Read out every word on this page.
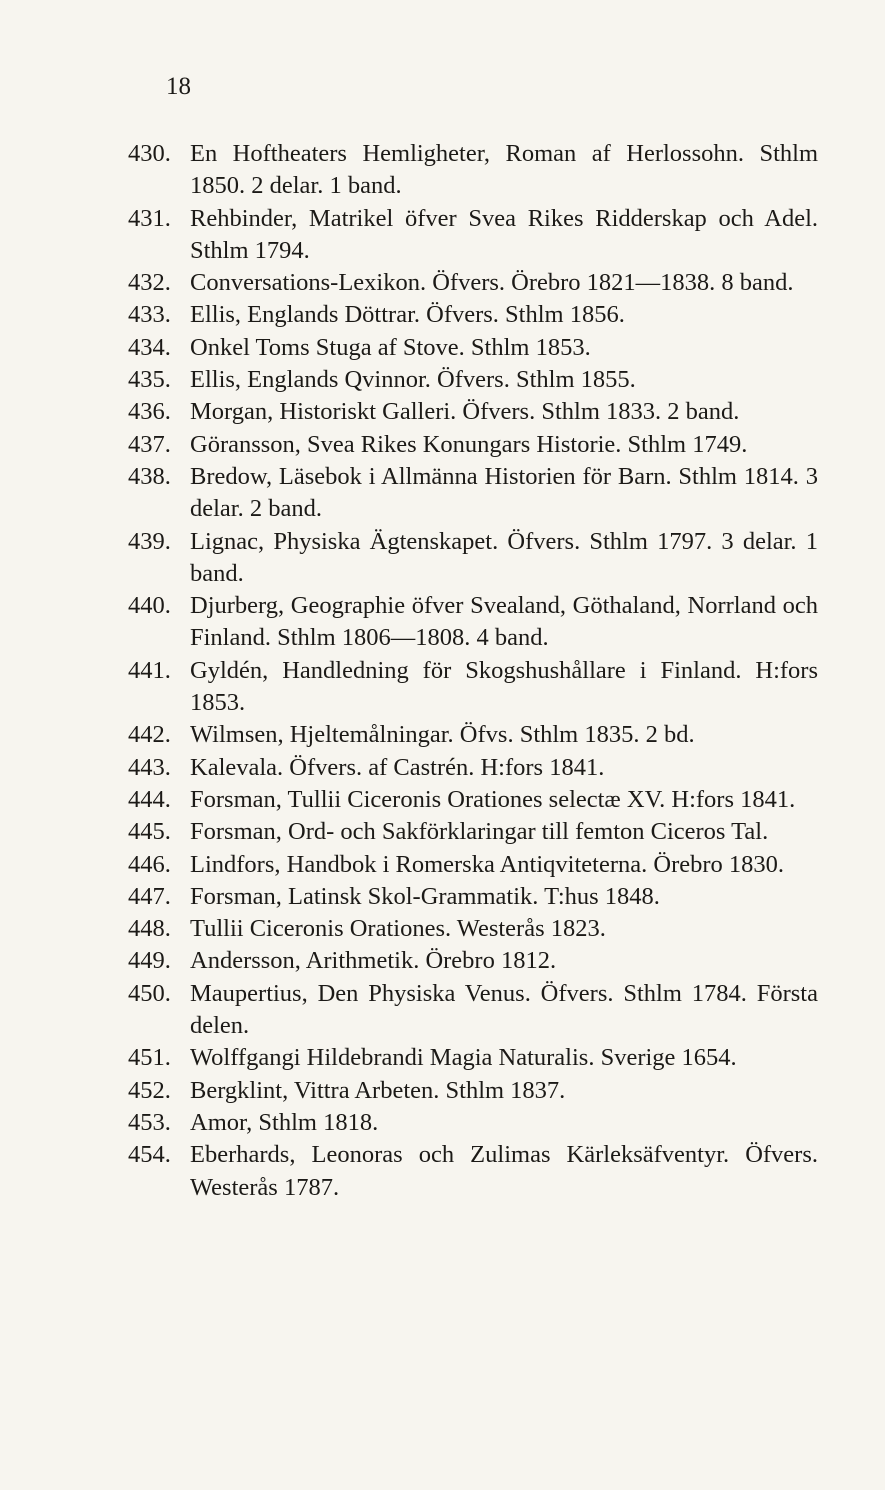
18
430. En Hoftheaters Hemligheter, Roman af Herlossohn. Sthlm 1850. 2 delar. 1 band.
431. Rehbinder, Matrikel öfver Svea Rikes Ridderskap och Adel. Sthlm 1794.
432. Conversations-Lexikon. Öfvers. Örebro 1821—1838. 8 band.
433. Ellis, Englands Döttrar. Öfvers. Sthlm 1856.
434. Onkel Toms Stuga af Stove. Sthlm 1853.
435. Ellis, Englands Qvinnor. Öfvers. Sthlm 1855.
436. Morgan, Historiskt Galleri. Öfvers. Sthlm 1833. 2 band.
437. Göransson, Svea Rikes Konungars Historie. Sthlm 1749.
438. Bredow, Läsebok i Allmänna Historien för Barn. Sthlm 1814. 3 delar. 2 band.
439. Lignac, Physiska Ägtenskapet. Öfvers. Sthlm 1797. 3 delar. 1 band.
440. Djurberg, Geographie öfver Svealand, Göthaland, Norrland och Finland. Sthlm 1806—1808. 4 band.
441. Gyldén, Handledning för Skogshushållare i Finland. H:fors 1853.
442. Wilmsen, Hjeltemålningar. Öfvs. Sthlm 1835. 2 bd.
443. Kalevala. Öfvers. af Castrén. H:fors 1841.
444. Forsman, Tullii Ciceronis Orationes selectæ XV. H:fors 1841.
445. Forsman, Ord- och Sakförklaringar till femton Ciceros Tal.
446. Lindfors, Handbok i Romerska Antiqviteterna. Örebro 1830.
447. Forsman, Latinsk Skol-Grammatik. T:hus 1848.
448. Tullii Ciceronis Orationes. Westerås 1823.
449. Andersson, Arithmetik. Örebro 1812.
450. Maupertius, Den Physiska Venus. Öfvers. Sthlm 1784. Första delen.
451. Wolffgangi Hildebrandi Magia Naturalis. Sverige 1654.
452. Bergklint, Vittra Arbeten. Sthlm 1837.
453. Amor, Sthlm 1818.
454. Eberhards, Leonoras och Zulimas Kärleksäfventyr. Öfvers. Westerås 1787.
